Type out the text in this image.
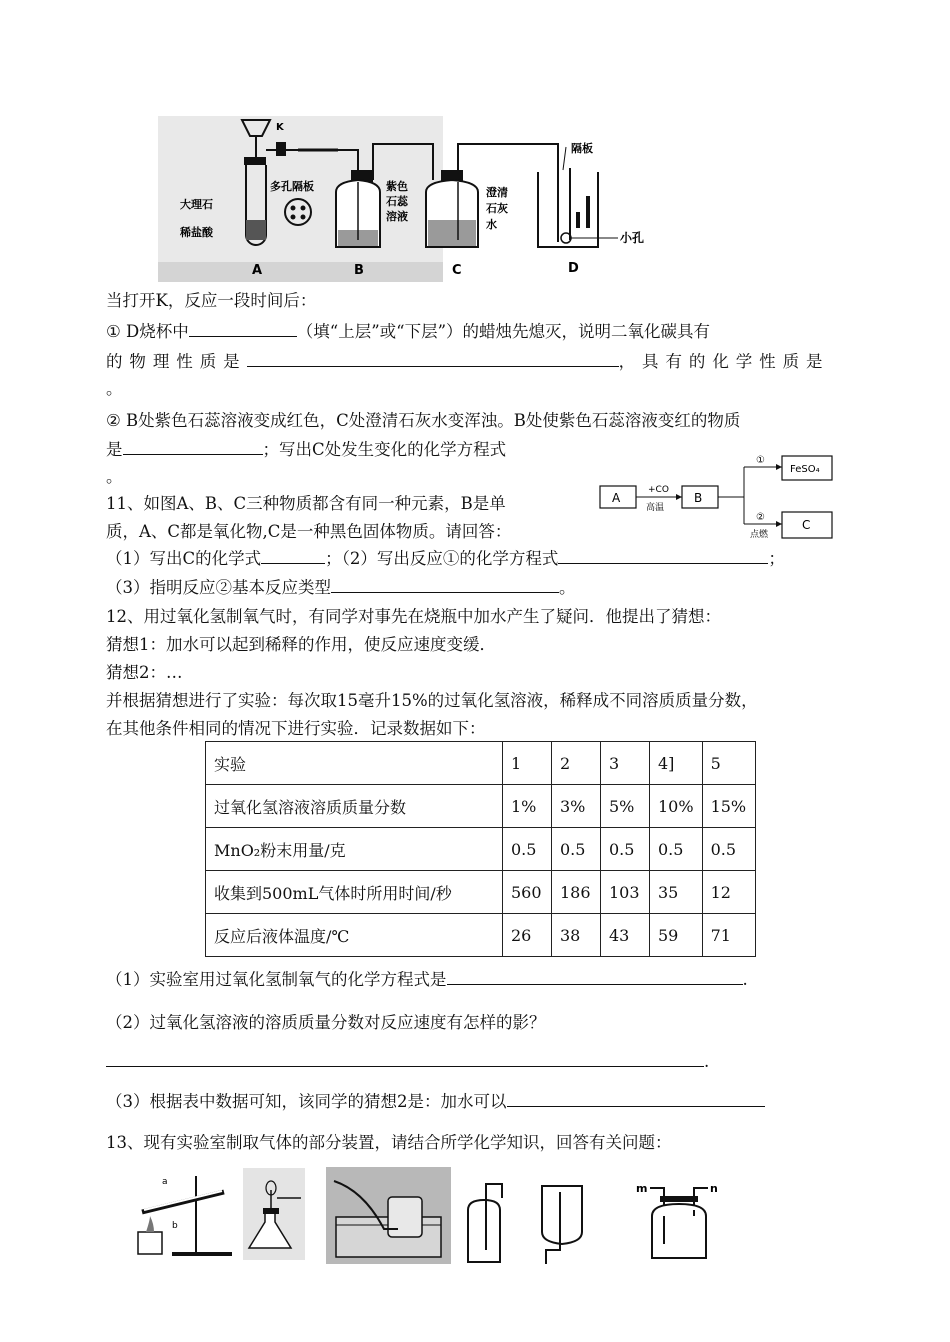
K
多孔隔板
大理石
稀盐酸
紫色
石蕊
溶液
澄清
石灰
水
隔板
小孔
A	B	C	D
当打开K，反应一段时间后：
① D烧杯中	（填“上层”或“下层”）的蜡烛先熄灭，说明二氧化碳具有
的物理性质是	，具有的化学性质是
。
② B处紫色石蕊溶液变成红色，C处澄清石灰水变浑浊。B处使紫色石蕊溶液变红的物质
是	；写出C处发生变化的化学方程式
。
11、如图A、B、C三种物质都含有同一种元素，B是单
质，A、C都是氧化物,C是一种黑色固体物质。请回答：
A
+CO
高温
B
①
②
点燃
FeSO₄
C
（1）写出C的化学式	；（2）写出反应①的化学方程式	；
（3）指明反应②基本反应类型	。
12、用过氧化氢制氧气时，有同学对事先在烧瓶中加水产生了疑问．他提出了猜想：
猜想1：加水可以起到稀释的作用，使反应速度变缓．
猜想2：…
并根据猜想进行了实验：每次取15毫升15%的过氧化氢溶液，稀释成不同溶质质量分数，
在其他条件相同的情况下进行实验．记录数据如下：
实验	1	2	3	4]	5
过氧化氢溶液溶质质量分数	1%	3%	5%	10%	15%
MnO₂粉末用量/克	0.5	0.5	0.5	0.5	0.5
收集到500mL气体时所用时间/秒	560	186	103	35	12
反应后液体温度/℃	26	38	43	59	71
（1）实验室用过氧化氢制氧气的化学方程式是	.
（2）过氧化氢溶液的溶质质量分数对反应速度有怎样的影？
.
（3）根据表中数据可知，该同学的猜想2是：加水可以
13、现有实验室制取气体的部分装置，请结合所学化学知识，回答有关问题：
a
b
m	n
